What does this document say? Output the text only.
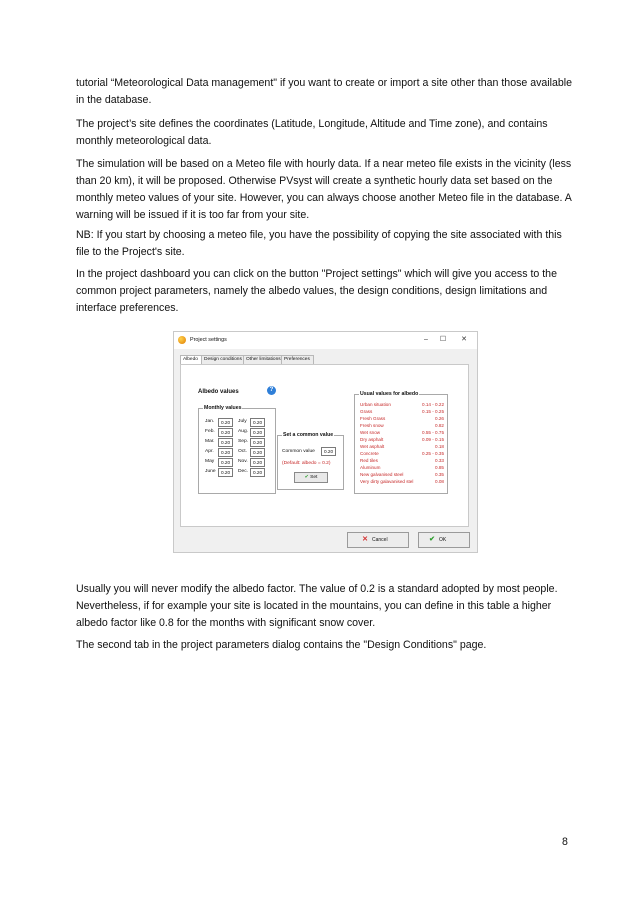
tutorial “Meteorological Data management" if you want to create or import a site other than those available in the database.

The project’s site defines the coordinates (Latitude, Longitude, Altitude and Time zone), and contains monthly meteorological data.

The simulation will be based on a Meteo file with hourly data. If a near meteo file exists in the vicinity (less than 20 km), it will be proposed. Otherwise PVsyst will create a synthetic hourly data set based on the monthly meteo values of your site. However, you can always choose another Meteo file in the database. A warning will be issued if it is too far from your site.

NB: If you start by choosing a meteo file, you have the possibility of copying the site associated with this file to the Project's site.

In the project dashboard you can click on the button "Project settings" which will give you access to the common project parameters, namely the albedo values, the design conditions, design limitations and interface preferences.

Project settings	–	☐	✕
Albedo	Design conditions Other limitations Preferences
Albedo values	?
Monthly values
Jan.	0.20	July	0.20
Feb.	0.20	Aug.	0.20
Mar.	0.20	Sep.	0.20
Apr.	0.20	Oct.	0.20
May	0.20	Nov.	0.20
June	0.20	Dec.	0.20
Set a common value
Common value	0.20
(Default: albedo = 0.2)
✔ Set
Usual values for albedo
Urban situation	0.14 - 0.22
Grass	0.15 - 0.25
Fresh Grass	0.26
Fresh snow	0.82
Wet snow	0.55 - 0.75
Dry asphalt	0.09 - 0.15
Wet asphalt	0.18
Concrete	0.25 - 0.35
Red tiles	0.33
Aluminum	0.85
New galvanised steel	0.35
Very dirty galavanised stel	0.08
✕ Cancel	✔ OK

Usually you will never modify the albedo factor. The value of 0.2 is a standard adopted by most people. Nevertheless, if for example your site is located in the mountains, you can define in this table a higher albedo factor like 0.8 for the months with significant snow cover.

The second tab in the project parameters dialog contains the "Design Conditions" page.

8
